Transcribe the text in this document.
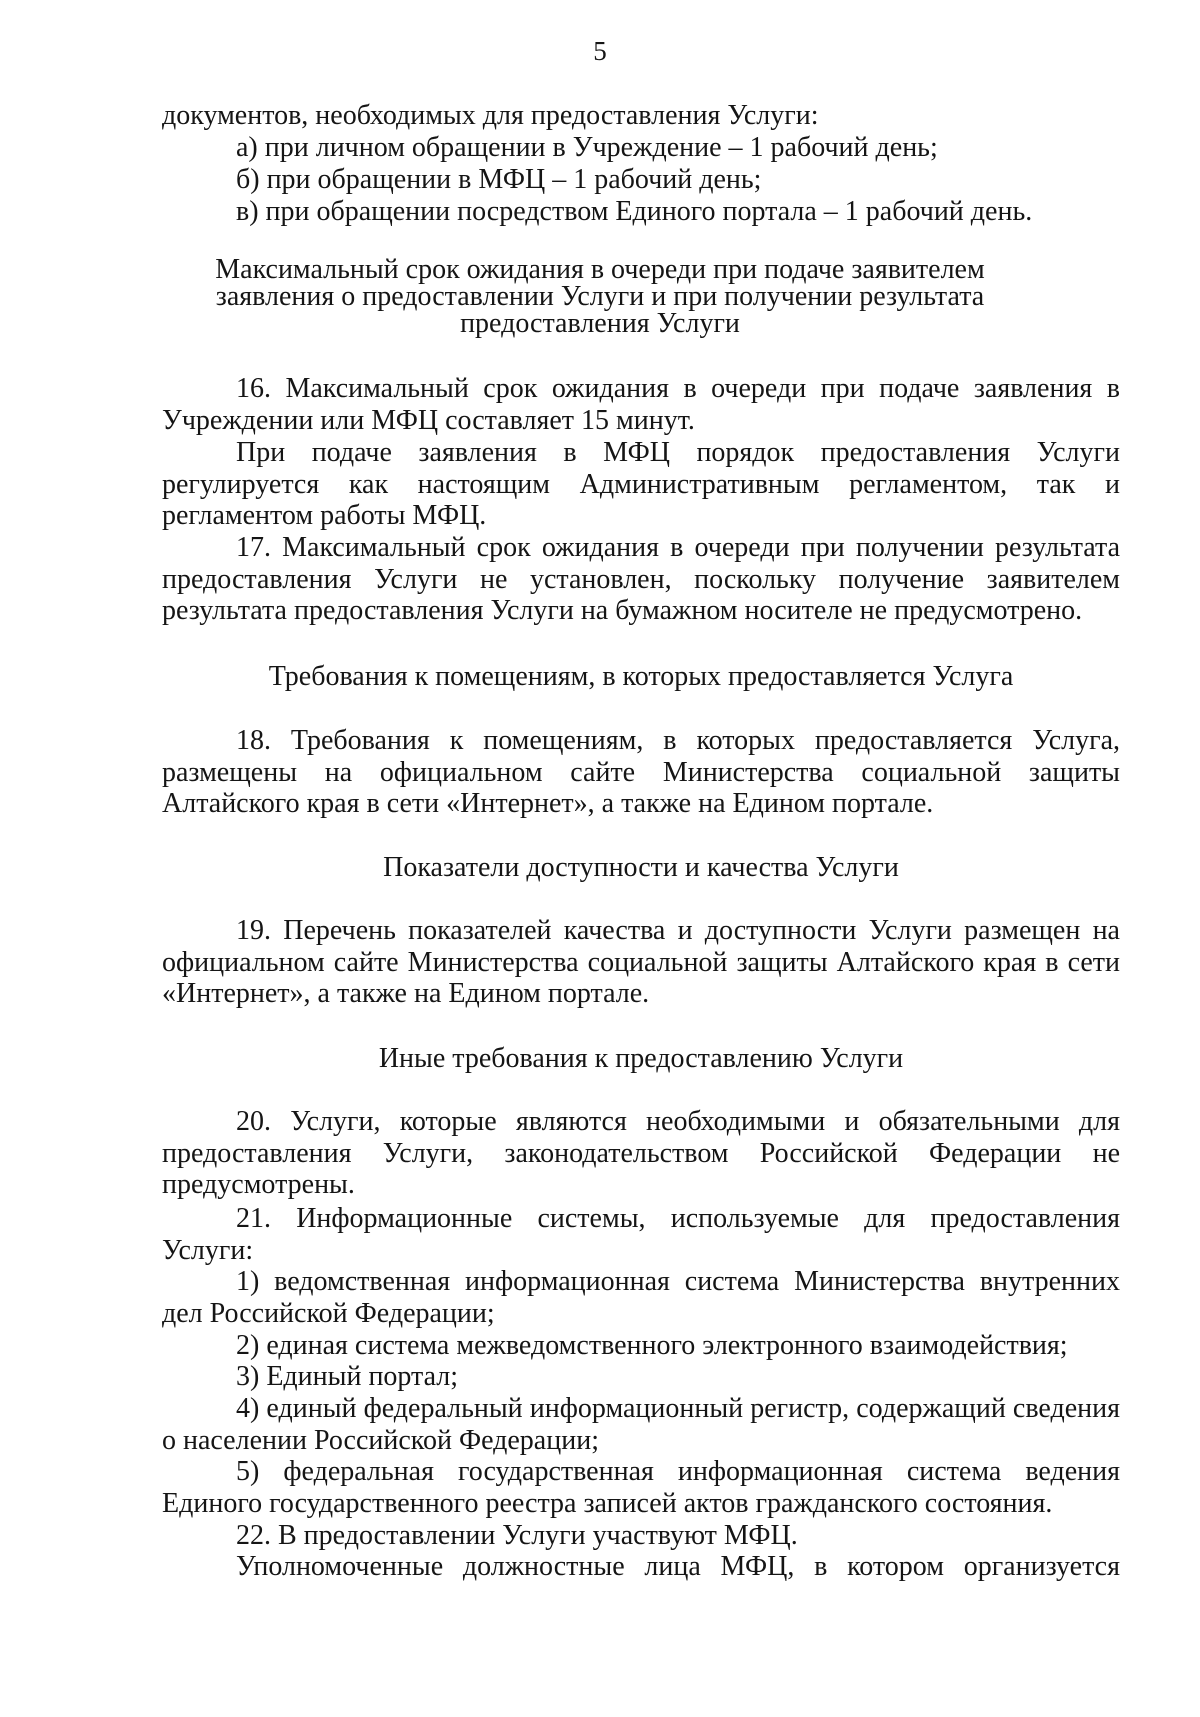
5

документов, необходимых для предоставления Услуги:

а) при личном обращении в Учреждение – 1 рабочий день;

б) при обращении в МФЦ – 1 рабочий день;

в) при обращении посредством Единого портала – 1 рабочий день.

Максимальный срок ожидания в очереди при подаче заявителем заявления о предоставлении Услуги и при получении результата предоставления Услуги

16. Максимальный срок ожидания в очереди при подаче заявления в Учреждении или МФЦ составляет 15 минут.

При подаче заявления в МФЦ порядок предоставления Услуги регулируется как настоящим Административным регламентом, так и регламентом работы МФЦ.

17. Максимальный срок ожидания в очереди при получении результата предоставления Услуги не установлен, поскольку получение заявителем результата предоставления Услуги на бумажном носителе не предусмотрено.

Требования к помещениям, в которых предоставляется Услуга

18. Требования к помещениям, в которых предоставляется Услуга, размещены на официальном сайте Министерства социальной защиты Алтайского края в сети «Интернет», а также на Едином портале.

Показатели доступности и качества Услуги

19. Перечень показателей качества и доступности Услуги размещен на официальном сайте Министерства социальной защиты Алтайского края в сети «Интернет», а также на Едином портале.

Иные требования к предоставлению Услуги

20. Услуги, которые являются необходимыми и обязательными для предоставления Услуги, законодательством Российской Федерации не предусмотрены.

21. Информационные системы, используемые для предоставления Услуги:

1) ведомственная информационная система Министерства внутренних дел Российской Федерации;

2) единая система межведомственного электронного взаимодействия;

3) Единый портал;

4) единый федеральный информационный регистр, содержащий сведения о населении Российской Федерации;

5) федеральная государственная информационная система ведения Единого государственного реестра записей актов гражданского состояния.

22. В предоставлении Услуги участвуют МФЦ.

Уполномоченные должностные лица МФЦ, в котором организуется
